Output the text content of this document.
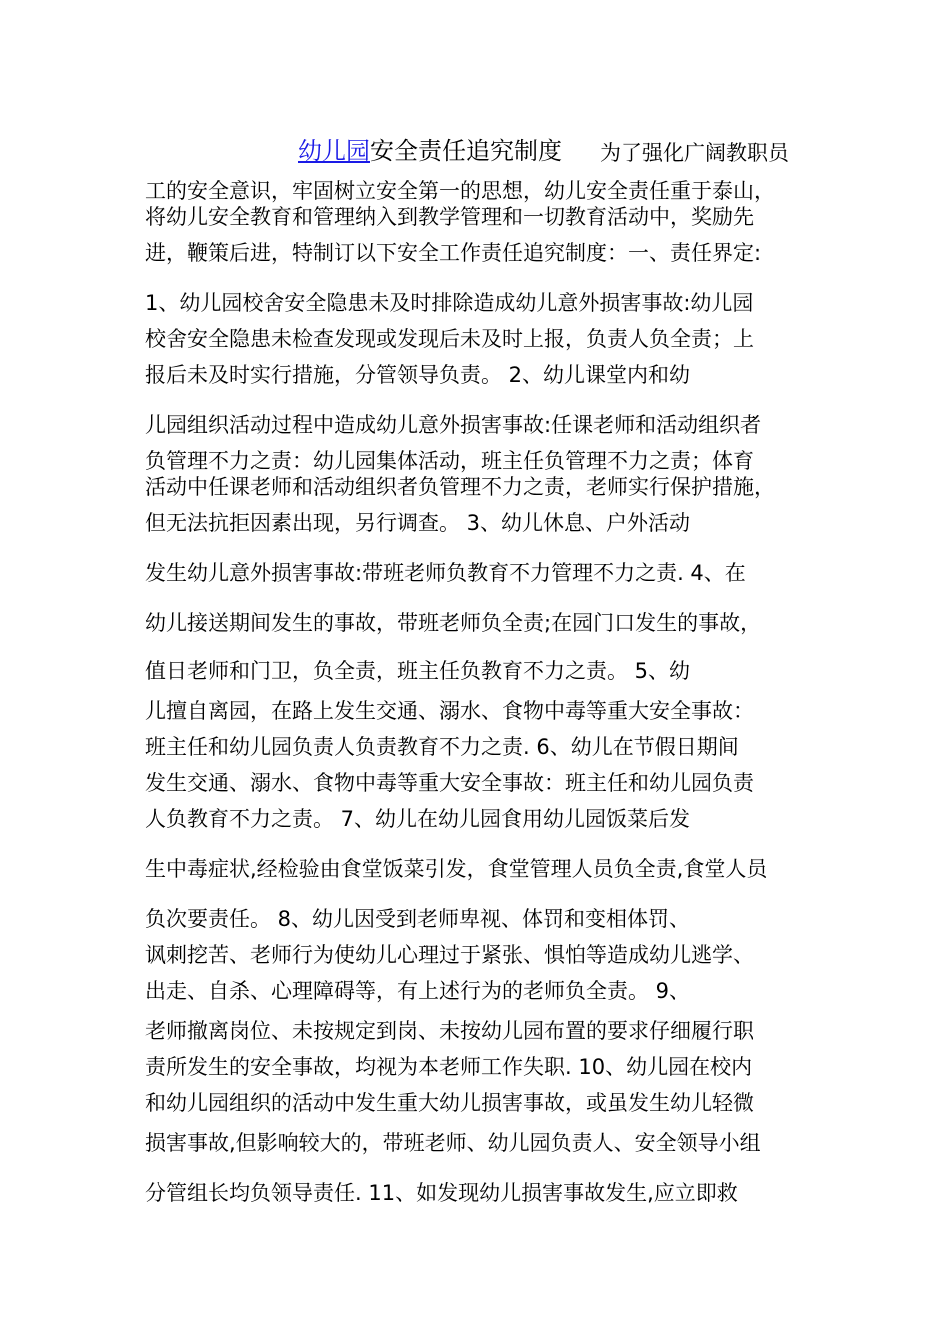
幼儿园安全责任追究制度 为了强化广阔教职员
工的安全意识，牢固树立安全第一的思想，幼儿安全责任重于泰山，
将幼儿安全教育和管理纳入到教学管理和一切教育活动中，奖励先
进，鞭策后进，特制订以下安全工作责任追究制度：一、责任界定:
1、幼儿园校舍安全隐患未及时排除造成幼儿意外损害事故:幼儿园
校舍安全隐患未检查发现或发现后未及时上报，负责人负全责；上
报后未及时实行措施，分管领导负责。 2、幼儿课堂内和幼
儿园组织活动过程中造成幼儿意外损害事故:任课老师和活动组织者
负管理不力之责：幼儿园集体活动，班主任负管理不力之责；体育
活动中任课老师和活动组织者负管理不力之责，老师实行保护措施，
但无法抗拒因素出现，另行调查。 3、幼儿休息、户外活动
发生幼儿意外损害事故:带班老师负教育不力管理不力之责. 4、在
幼儿接送期间发生的事故，带班老师负全责;在园门口发生的事故，
值日老师和门卫，负全责，班主任负教育不力之责。 5、幼
儿擅自离园，在路上发生交通、溺水、食物中毒等重大安全事故：
班主任和幼儿园负责人负责教育不力之责. 6、幼儿在节假日期间
发生交通、溺水、食物中毒等重大安全事故：班主任和幼儿园负责
人负教育不力之责。 7、幼儿在幼儿园食用幼儿园饭菜后发
生中毒症状,经检验由食堂饭菜引发，食堂管理人员负全责,食堂人员
负次要责任。 8、幼儿因受到老师卑视、体罚和变相体罚、
讽刺挖苦、老师行为使幼儿心理过于紧张、惧怕等造成幼儿逃学、
出走、自杀、心理障碍等，有上述行为的老师负全责。 9、
老师撤离岗位、未按规定到岗、未按幼儿园布置的要求仔细履行职
责所发生的安全事故，均视为本老师工作失职. 10、幼儿园在校内
和幼儿园组织的活动中发生重大幼儿损害事故，或虽发生幼儿轻微
损害事故,但影响较大的，带班老师、幼儿园负责人、安全领导小组
分管组长均负领导责任. 11、如发现幼儿损害事故发生,应立即救
